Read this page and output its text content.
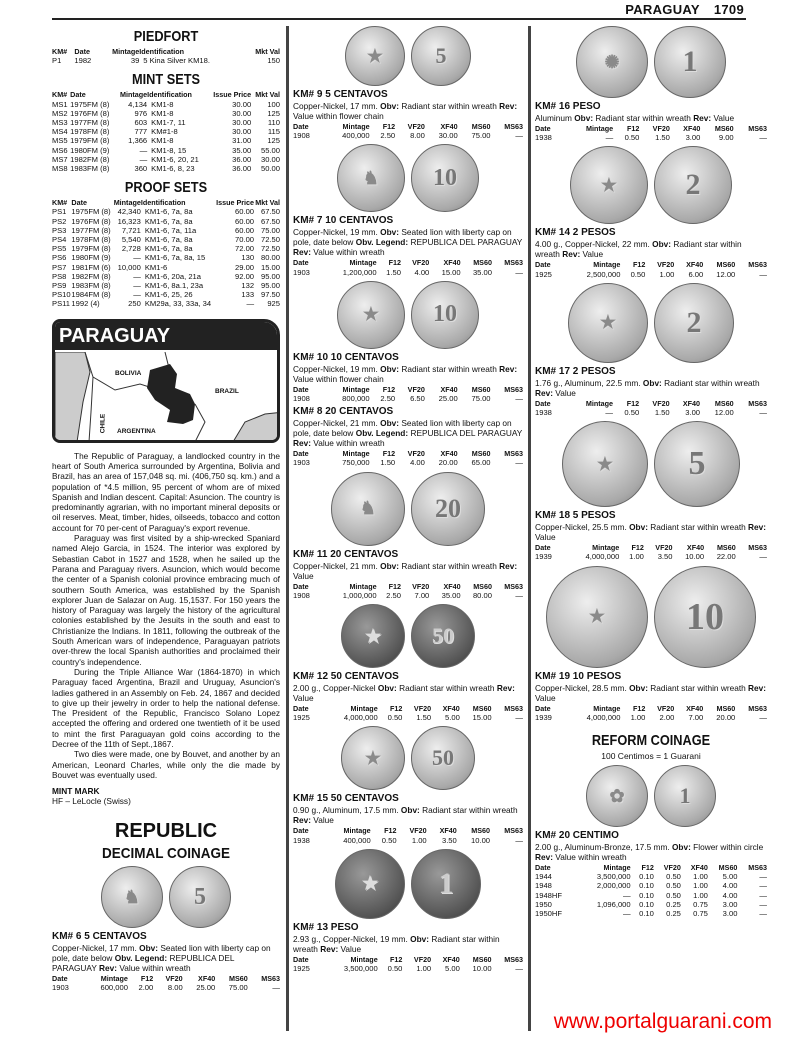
PARAGUAY 1709
PIEDFORT
KM#	Date	Mintage	Identification	Mkt Val
P1	1982	39	5 Kina Silver KM18.	150
MINT SETS
KM#	Date	Mintage	Identification	Issue Price	Mkt Val
MS1	1975FM (8)	4,134	KM1-8	30.00	100
MS2	1976FM (8)	976	KM1-8	30.00	125
MS3	1977FM (8)	603	KM1-7, 11	30.00	110
MS4	1978FM (8)	777	KM#1-8	30.00	115
MS5	1979FM (8)	1,366	KM1-8	31.00	125
MS6	1980FM (9)	—	KM1-8, 15	35.00	55.00
MS7	1982FM (8)	—	KM1-6, 20, 21	36.00	30.00
MS8	1983FM (8)	360	KM1-6, 8, 23	36.00	50.00
PROOF SETS
KM#	Date	Mintage	Identification	Issue Price	Mkt Val
PS1	1975FM (8)	42,340	KM1-6, 7a, 8a	60.00	67.50
PS2	1976FM (8)	16,323	KM1-6, 7a, 8a	60.00	67.50
PS3	1977FM (8)	7,721	KM1-6, 7a, 11a	60.00	75.00
PS4	1978FM (8)	5,540	KM1-6, 7a, 8a	70.00	72.50
PS5	1979FM (8)	2,728	KM1-6, 7a, 8a	72.00	72.50
PS6	1980FM (9)	—	KM1-6, 7a, 8a, 15	130	80.00
PS7	1981FM (6)	10,000	KM1-6	29.00	15.00
PS8	1982FM (8)	—	KM1-6, 20a, 21a	92.00	95.00
PS9	1983FM (8)	—	KM1-6, 8a.1, 23a	132	95.00
PS10	1984FM (8)	—	KM1-6, 25, 26	133	97.50
PS11	1992 (4)	250	KM29a, 33, 33a, 34	—	925
PARAGUAY
BOLIVIA
BRAZIL
CHILE ARGENTINA

The Republic of Paraguay, a landlocked country in the heart of South America surrounded by Argentina, Bolivia and Brazil, has an area of 157,048 sq. mi. (406,750 sq. km.) and a population of *4.5 million, 95 percent of whom are of mixed Spanish and Indian descent. Capital: Asuncion. The country is predominantly agrarian, with no important mineral deposits or oil reserves. Meat, timber, hides, oilseeds, tobacco and cotton account for 70 per-cent of Paraguay's export revenue.

Paraguay was first visited by a ship-wrecked Spaniard named Alejo Garcia, in 1524. The interior was explored by Sebastian Cabot in 1527 and 1528, when he sailed up the Parana and Paraguay rivers. Asuncion, which would become the center of a Spanish colonial province embracing much of southern South America, was established by the Spanish explorer Juan de Salazar on Aug. 15,1537. For 150 years the history of Paraguay was largely the history of the agricultural colonies established by the Jesuits in the south and east to Christianize the Indians. In 1811, following the outbreak of the South American wars of independence, Paraguayan patriots over-threw the local Spanish authorities and proclaimed their country's independence.

During the Triple Alliance War (1864-1870) in which Paraguay faced Argentina, Brazil and Uruguay, Asuncion's ladies gathered in an Assembly on Feb. 24, 1867 and decided to give up their jewelry in order to help the national defense. The President of the Republic, Francisco Solano Lopez accepted the offering and ordered one twentieth of it be used to mint the first Paraguayan gold coins according to the Decree of the 11th of Sept.,1867.

Two dies were made, one by Bouvet, and another by an American, Leonard Charles, while only the die made by Bouvet was eventually used.

MINT MARK
HF – LeLocle (Swiss)
REPUBLIC
DECIMAL COINAGE
♞	5
KM# 6 5 CENTAVOS
Copper-Nickel, 17 mm. Obv: Seated lion with liberty cap on pole, date below Obv. Legend: REPUBLICA DEL PARAGUAY Rev: Value within wreath
Date	Mintage	F12	VF20	XF40	MS60	MS63
1903	600,000	2.00	8.00	25.00	75.00	—
★	5
KM# 9 5 CENTAVOS
Copper-Nickel, 17 mm. Obv: Radiant star within wreath Rev: Value within flower chain
Date	Mintage	F12	VF20	XF40	MS60	MS63
1908	400,000	2.50	8.00	30.00	75.00	—
♞	10
KM# 7 10 CENTAVOS
Copper-Nickel, 19 mm. Obv: Seated lion with liberty cap on pole, date below Obv. Legend: REPUBLICA DEL PARAGUAY Rev: Value within wreath
Date	Mintage	F12	VF20	XF40	MS60	MS63
1903	1,200,000	1.50	4.00	15.00	35.00	—
★	10
KM# 10 10 CENTAVOS
Copper-Nickel, 19 mm. Obv: Radiant star within wreath Rev: Value within flower chain
Date	Mintage	F12	VF20	XF40	MS60	MS63
1908	800,000	2.50	6.50	25.00	75.00	—
KM# 8 20 CENTAVOS
Copper-Nickel, 21 mm. Obv: Seated lion with liberty cap on pole, date below Obv. Legend: REPUBLICA DEL PARAGUAY Rev: Value within wreath
Date	Mintage	F12	VF20	XF40	MS60	MS63
1903	750,000	1.50	4.00	20.00	65.00	—
♞	20
KM# 11 20 CENTAVOS
Copper-Nickel, 21 mm. Obv: Radiant star within wreath Rev: Value
Date	Mintage	F12	VF20	XF40	MS60	MS63
1908	1,000,000	2.50	7.00	35.00	80.00	—
★	50
KM# 12 50 CENTAVOS
2.00 g., Copper-Nickel Obv: Radiant star within wreath Rev: Value
Date	Mintage	F12	VF20	XF40	MS60	MS63
1925	4,000,000	0.50	1.50	5.00	15.00	—
★	50
KM# 15 50 CENTAVOS
0.90 g., Aluminum, 17.5 mm. Obv: Radiant star within wreath Rev: Value
Date	Mintage	F12	VF20	XF40	MS60	MS63
1938	400,000	0.50	1.00	3.50	10.00	—
★	1
KM# 13 PESO
2.93 g., Copper-Nickel, 19 mm. Obv: Radiant star within wreath Rev: Value
Date	Mintage	F12	VF20	XF40	MS60	MS63
1925	3,500,000	0.50	1.00	5.00	10.00	—
✺	1
KM# 16 PESO
Aluminum Obv: Radiant star within wreath Rev: Value
Date	Mintage	F12	VF20	XF40	MS60	MS63
1938	—	0.50	1.50	3.00	9.00	—
★	2
KM# 14 2 PESOS
4.00 g., Copper-Nickel, 22 mm. Obv: Radiant star within wreath Rev: Value
Date	Mintage	F12	VF20	XF40	MS60	MS63
1925	2,500,000	0.50	1.00	6.00	12.00	—
★	2
KM# 17 2 PESOS
1.76 g., Aluminum, 22.5 mm. Obv: Radiant star within wreath Rev: Value
Date	Mintage	F12	VF20	XF40	MS60	MS63
1938	—	0.50	1.50	3.00	12.00	—
★	5
KM# 18 5 PESOS
Copper-Nickel, 25.5 mm. Obv: Radiant star within wreath Rev: Value
Date	Mintage	F12	VF20	XF40	MS60	MS63
1939	4,000,000	1.00	3.50	10.00	22.00	—
★	10
KM# 19 10 PESOS
Copper-Nickel, 28.5 mm. Obv: Radiant star within wreath Rev: Value
Date	Mintage	F12	VF20	XF40	MS60	MS63
1939	4,000,000	1.00	2.00	7.00	20.00	—
REFORM COINAGE
100 Centimos = 1 Guarani
✿	1
KM# 20 CENTIMO
2.00 g., Aluminum-Bronze, 17.5 mm. Obv: Flower within circle Rev: Value within wreath
Date	Mintage	F12	VF20	XF40	MS60	MS63
1944	3,500,000	0.10	0.50	1.00	5.00	—
1948	2,000,000	0.10	0.50	1.00	4.00	—
1948HF	—	0.10	0.50	1.00	4.00	—
1950	1,096,000	0.10	0.25	0.75	3.00	—
1950HF	—	0.10	0.25	0.75	3.00	—
www.portalguarani.com
